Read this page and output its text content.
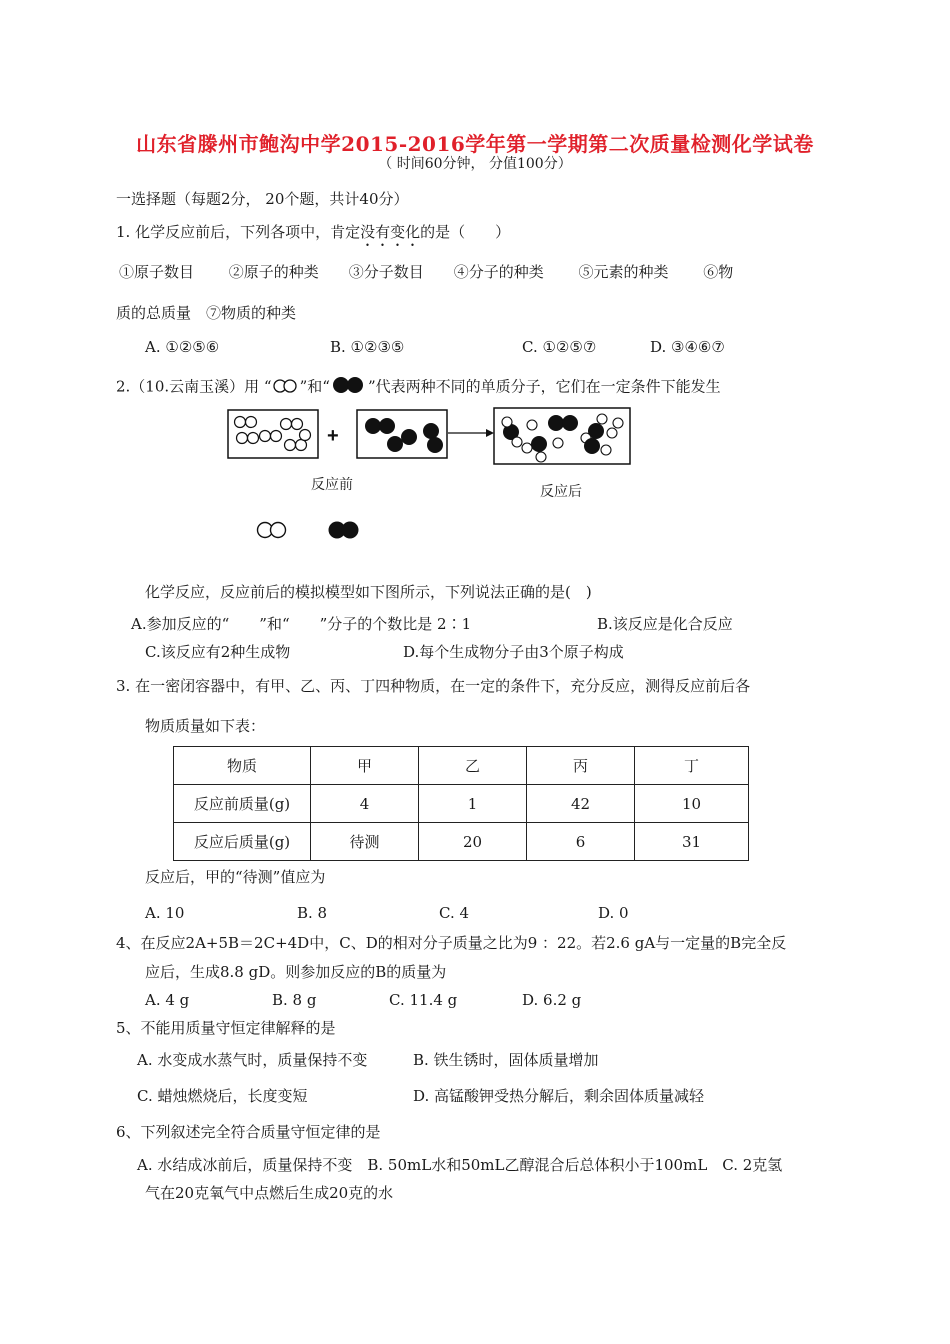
山东省滕州市鲍沟中学2015-2016学年第一学期第二次质量检测化学试卷
（ 时间60分钟， 分值100分）
一选择题（每题2分， 20个题，共计40分）
1. 化学反应前后，下列各项中，肯定没有变化的是（　　）
①原子数目　　 ②原子的种类　　③分子数目　　④分子的种类　　 ⑤元素的种类　　 ⑥物
质的总质量　⑦物质的种类
A. ①②⑤⑥	B. ①②③⑤	C. ①②⑤⑦	D. ③④⑥⑦
2.（10.云南玉溪）用 “ ”和“	”代表两种不同的单质分子，它们在一定条件下能发生
+
反应前	反应后
化学反应，反应前后的模拟模型如下图所示，下列说法正确的是(　)
A.参加反应的“　　”和“　　”分子的个数比是 2∶1	B.该反应是化合反应
C.该反应有2种生成物	D.每个生成物分子由3个原子构成
3. 在一密闭容器中，有甲、乙、丙、丁四种物质，在一定的条件下，充分反应，测得反应前后各
物质质量如下表：
物质	甲	乙	丙	丁
反应前质量(g)	4	1	42	10
反应后质量(g)	待测	20	6	31
反应后，甲的“待测”值应为
A. 10	B. 8	C. 4	D. 0
4、在反应2A+5B＝2C+4D中，C、D的相对分子质量之比为9 ：22。若2.6 gA与一定量的B完全反
应后，生成8.8 gD。则参加反应的B的质量为
A. 4 g	B. 8 g	C. 11.4 g	D. 6.2 g
5、不能用质量守恒定律解释的是
A. 水变成水蒸气时，质量保持不变	B. 铁生锈时，固体质量增加
C. 蜡烛燃烧后，长度变短	D. 高锰酸钾受热分解后，剩余固体质量减轻
6、下列叙述完全符合质量守恒定律的是
A. 水结成冰前后，质量保持不变　B. 50mL水和50mL乙醇混合后总体积小于100mL　C. 2克氢
气在20克氧气中点燃后生成20克的水
